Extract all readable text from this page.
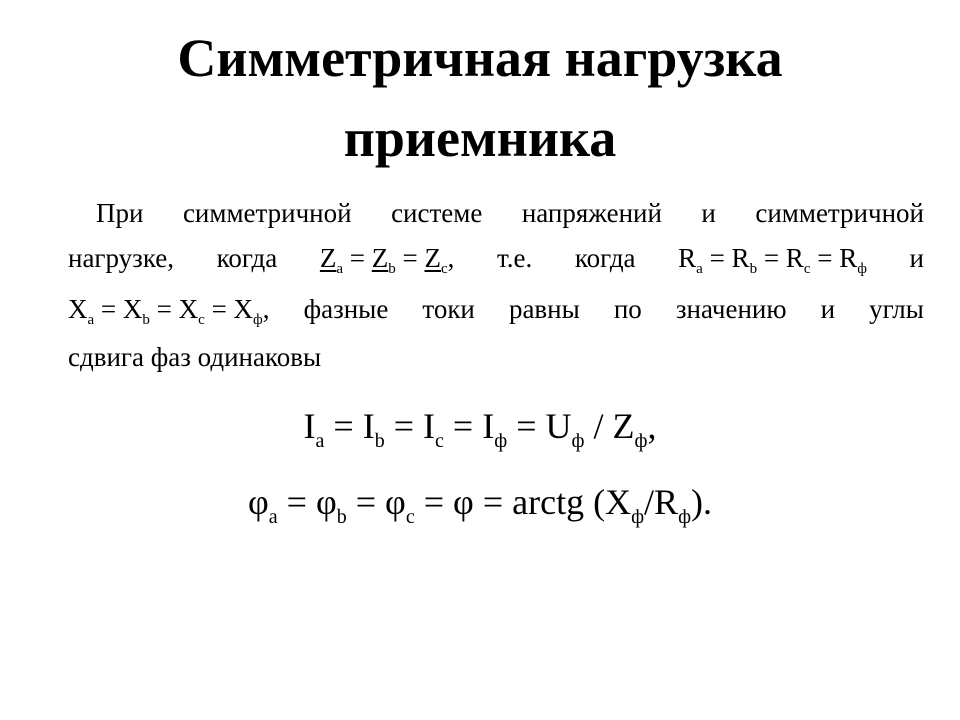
Симметричная нагрузка
приемника
При симметричной системе напряжений и симметричной
нагрузке, когда $Z_a = Z_b = Z_c$, т.е. когда $R_a = R_b = R_c = R_ф$ и
$X_a = X_b = X_c = X_ф$, фазные токи равны по значению и углы
сдвига фаз одинаковы
$I_a = I_b = I_c = I_ф = U_ф / Z_ф$,
$\varphi_a = \varphi_b = \varphi_c = \varphi$ = arctg $(X_ф/R_ф)$.
